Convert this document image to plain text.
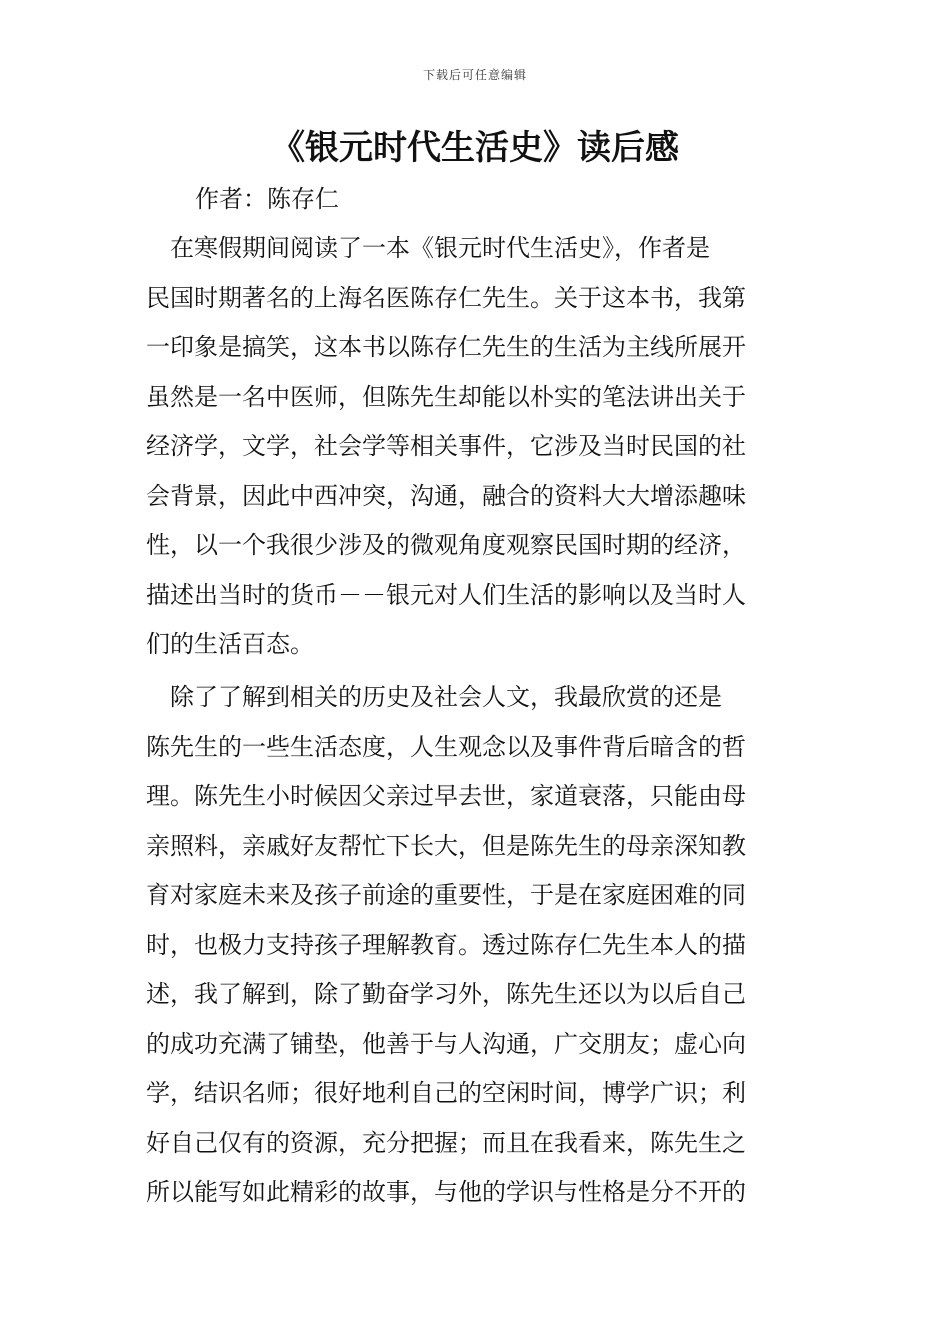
下载后可任意编辑
《银元时代生活史》读后感
作者：陈存仁
　在寒假期间阅读了一本《银元时代生活史》，作者是
民国时期著名的上海名医陈存仁先生。关于这本书，我第
一印象是搞笑，这本书以陈存仁先生的生活为主线所展开
虽然是一名中医师，但陈先生却能以朴实的笔法讲出关于
经济学，文学，社会学等相关事件，它涉及当时民国的社
会背景，因此中西冲突，沟通，融合的资料大大增添趣味
性，以一个我很少涉及的微观角度观察民国时期的经济，
描述出当时的货币－－银元对人们生活的影响以及当时人
们的生活百态。
　除了了解到相关的历史及社会人文，我最欣赏的还是
陈先生的一些生活态度，人生观念以及事件背后暗含的哲
理。陈先生小时候因父亲过早去世，家道衰落，只能由母
亲照料，亲戚好友帮忙下长大，但是陈先生的母亲深知教
育对家庭未来及孩子前途的重要性，于是在家庭困难的同
时，也极力支持孩子理解教育。透过陈存仁先生本人的描
述，我了解到，除了勤奋学习外，陈先生还以为以后自己
的成功充满了铺垫，他善于与人沟通，广交朋友；虚心向
学，结识名师；很好地利自己的空闲时间，博学广识；利
好自己仅有的资源，充分把握；而且在我看来，陈先生之
所以能写如此精彩的故事，与他的学识与性格是分不开的
